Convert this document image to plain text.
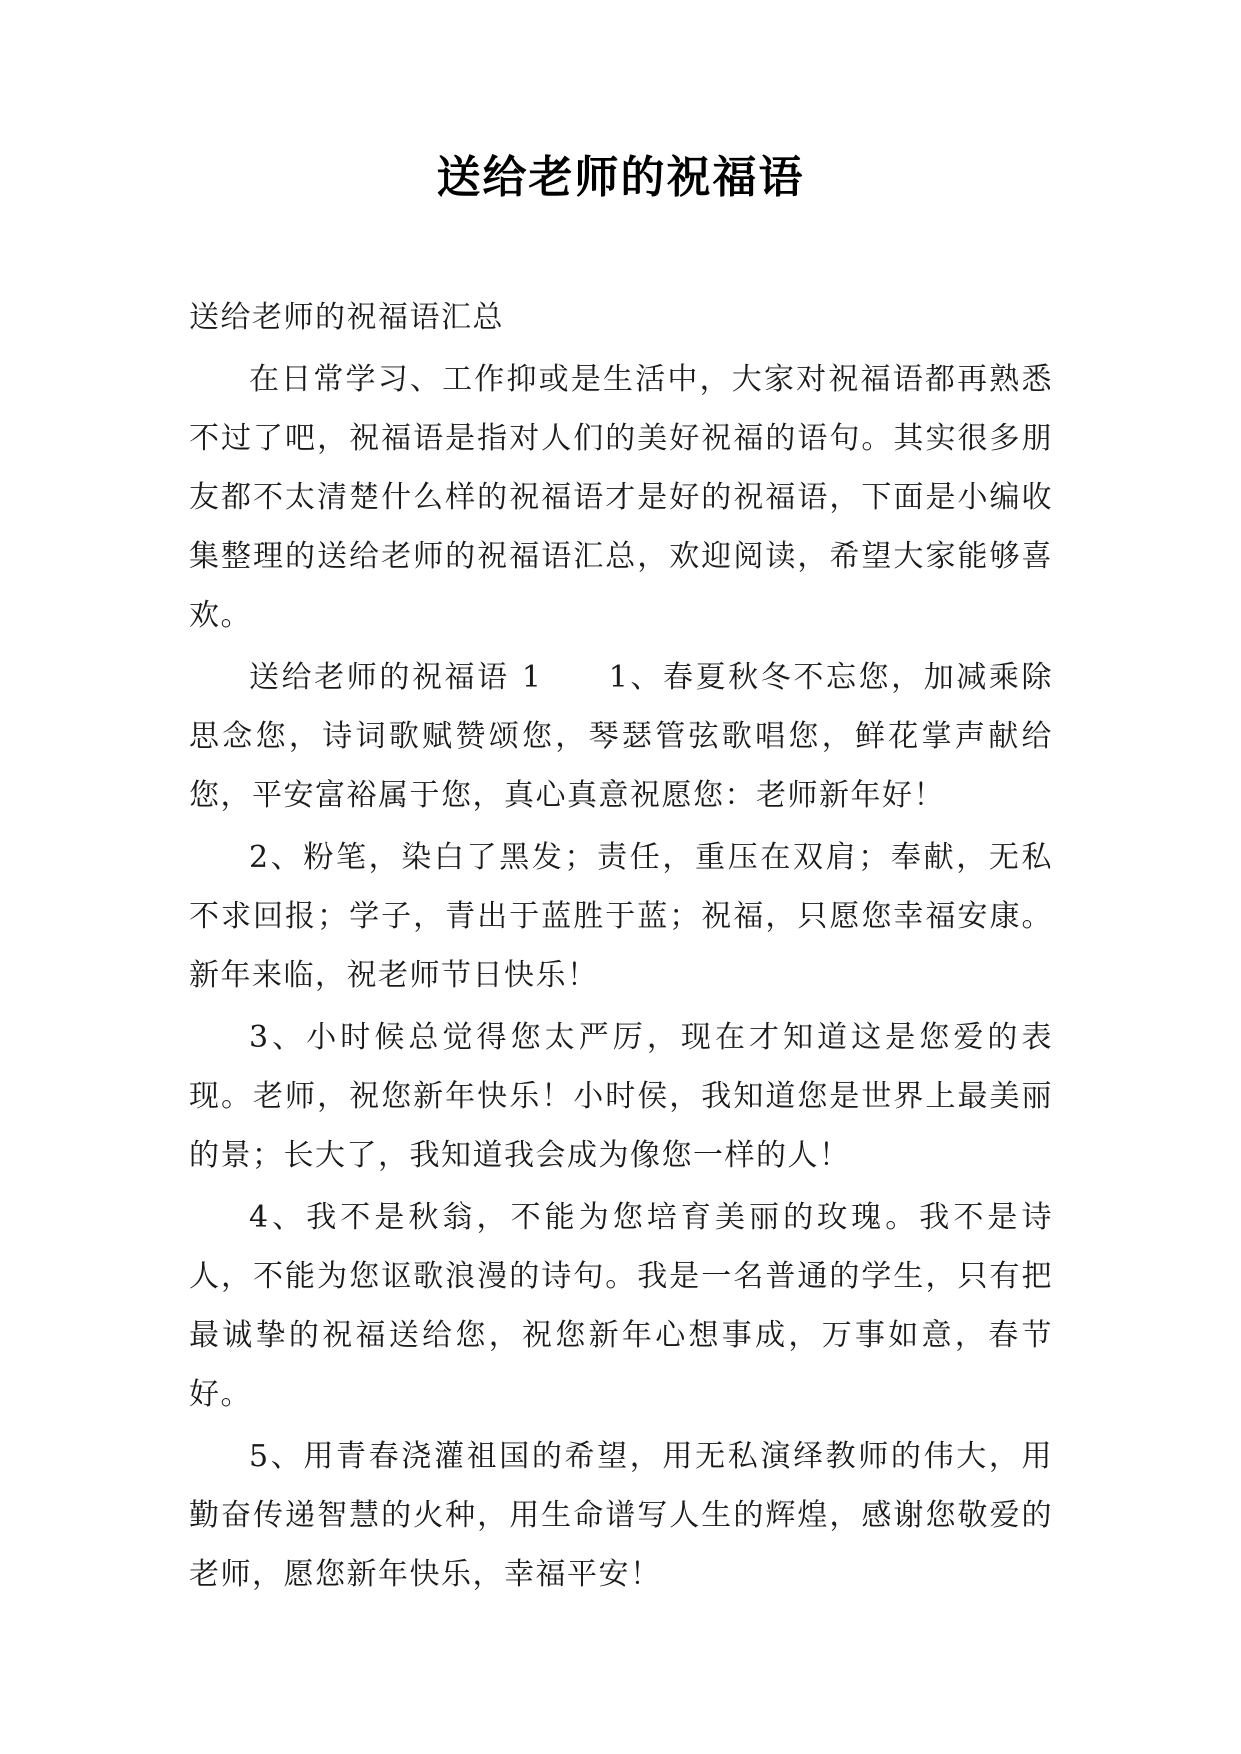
送给老师的祝福语

送给老师的祝福语汇总

在日常学习、工作抑或是生活中，大家对祝福语都再熟悉不过了吧，祝福语是指对人们的美好祝福的语句。其实很多朋友都不太清楚什么样的祝福语才是好的祝福语，下面是小编收集整理的送给老师的祝福语汇总，欢迎阅读，希望大家能够喜欢。

送给老师的祝福语 1　　 1、春夏秋冬不忘您，加减乘除思念您，诗词歌赋赞颂您，琴瑟管弦歌唱您，鲜花掌声献给您，平安富裕属于您，真心真意祝愿您：老师新年好！

2、粉笔，染白了黑发；责任，重压在双肩；奉献，无私不求回报；学子，青出于蓝胜于蓝；祝福，只愿您幸福安康。新年来临，祝老师节日快乐！

3、小时候总觉得您太严厉，现在才知道这是您爱的表现。老师，祝您新年快乐！小时侯，我知道您是世界上最美丽的景；长大了，我知道我会成为像您一样的人！

4、我不是秋翁，不能为您培育美丽的玫瑰。我不是诗人，不能为您讴歌浪漫的诗句。我是一名普通的学生，只有把最诚挚的祝福送给您，祝您新年心想事成，万事如意，春节好。

5、用青春浇灌祖国的希望，用无私演绎教师的伟大，用勤奋传递智慧的火种，用生命谱写人生的辉煌，感谢您敬爱的老师，愿您新年快乐，幸福平安！
